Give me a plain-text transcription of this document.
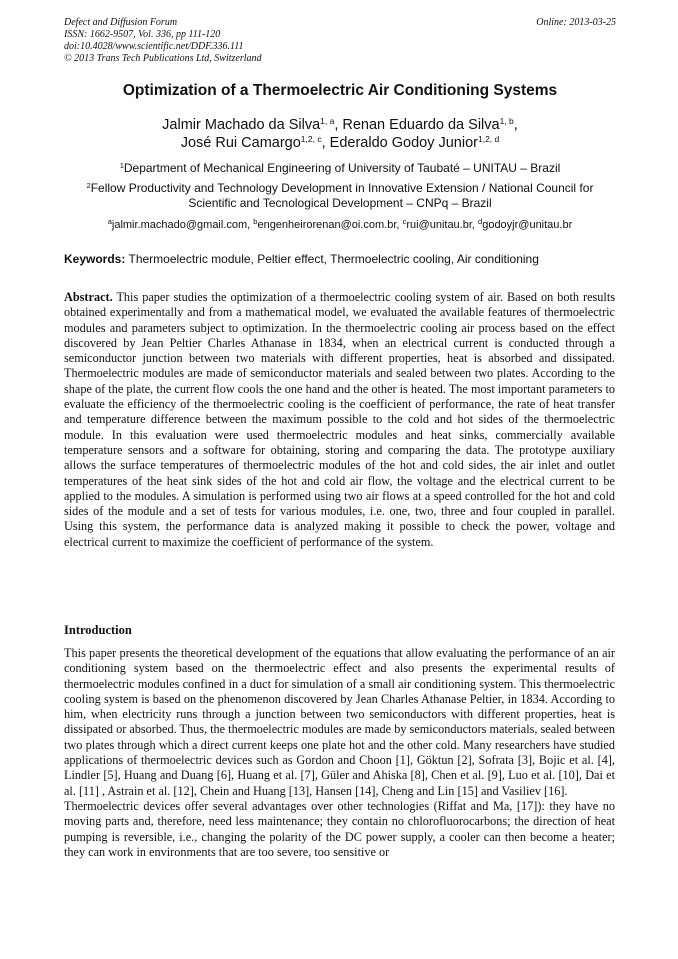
Defect and Diffusion Forum	Online: 2013-03-25
ISSN: 1662-9507, Vol. 336, pp 111-120
doi:10.4028/www.scientific.net/DDF.336.111
© 2013 Trans Tech Publications Ltd, Switzerland
Optimization of a Thermoelectric Air Conditioning Systems
Jalmir Machado da Silva$^{1, a}$, Renan Eduardo da Silva$^{1, b}$,
José Rui Camargo$^{1,2, c}$, Ederaldo Godoy Junior$^{1,2, d}$
$^1$Department of Mechanical Engineering of University of Taubaté – UNITAU – Brazil
$^2$Fellow Productivity and Technology Development in Innovative Extension / National Council for
Scientific and Tecnological Development – CNPq – Brazil
$^a$jalmir.machado@gmail.com, $^b$engenheirorenan@oi.com.br, $^c$rui@unitau.br, $^d$godoyjr@unitau.br
Keywords: Thermoelectric module, Peltier effect, Thermoelectric cooling, Air conditioning

Abstract. This paper studies the optimization of a thermoelectric cooling system of air. Based on both results obtained experimentally and from a mathematical model, we evaluated the available features of thermoelectric modules and parameters subject to optimization. In the thermoelectric cooling air process based on the effect discovered by Jean Peltier Charles Athanase in 1834, when an electrical current is conducted through a semiconductor junction between two materials with different properties, heat is absorbed and dissipated. Thermoelectric modules are made of semiconductor materials and sealed between two plates. According to the shape of the plate, the current flow cools the one hand and the other is heated. The most important parameters to evaluate the efficiency of the thermoelectric cooling is the coefficient of performance, the rate of heat transfer and temperature difference between the maximum possible to the cold and hot sides of the thermoelectric module. In this evaluation were used thermoelectric modules and heat sinks, commercially available temperature sensors and a software for obtaining, storing and comparing the data. The prototype auxiliary allows the surface temperatures of thermoelectric modules of the hot and cold sides, the air inlet and outlet temperatures of the heat sink sides of the hot and cold air flow, the voltage and the electrical current to be applied to the modules. A simulation is performed using two air flows at a speed controlled for the hot and cold sides of the module and a set of tests for various modules, i.e. one, two, three and four coupled in parallel. Using this system, the performance data is analyzed making it possible to check the power, voltage and electrical current to maximize the coefficient of performance of the system.

Introduction

This paper presents the theoretical development of the equations that allow evaluating the performance of an air conditioning system based on the thermoelectric effect and also presents the experimental results of thermoelectric modules confined in a duct for simulation of a small air conditioning system. This thermoelectric cooling system is based on the phenomenon discovered by Jean Charles Athanase Peltier, in 1834. According to him, when electricity runs through a junction between two semiconductors with different properties, heat is dissipated or absorbed. Thus, the thermoelectric modules are made by semiconductors materials, sealed between two plates through which a direct current keeps one plate hot and the other cold. Many researchers have studied applications of thermoelectric devices such as Gordon and Choon [1], Göktun [2], Sofrata [3], Bojic et al. [4], Lindler [5], Huang and Duang [6], Huang et al. [7], Güler and Ahiska [8], Chen et al. [9], Luo et al. [10], Dai et al. [11] , Astrain et al. [12], Chein and Huang [13], Hansen [14], Cheng and Lin [15] and Vasiliev [16].

Thermoelectric devices offer several advantages over other technologies (Riffat and Ma, [17]): they have no moving parts and, therefore, need less maintenance; they contain no chlorofluorocarbons; the direction of heat pumping is reversible, i.e., changing the polarity of the DC power supply, a cooler can then become a heater; they can work in environments that are too severe, too sensitive or
